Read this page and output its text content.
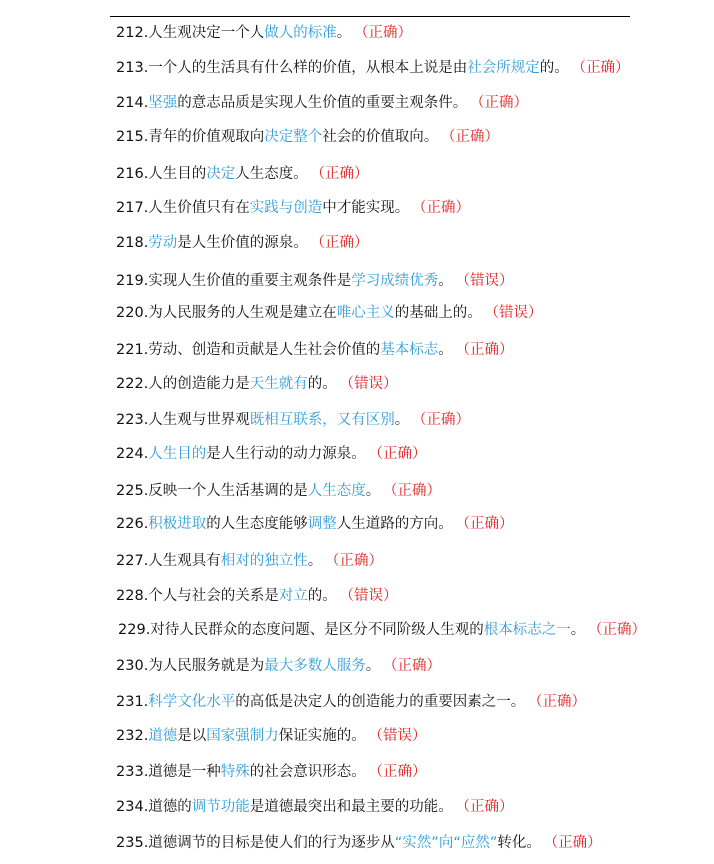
212.人生观决定一个人做人的标准。 （正确）
213.一个人的生活具有什么样的价值，从根本上说是由社会所规定的。 （正确）
214.坚强的意志品质是实现人生价值的重要主观条件。 （正确）
215.青年的价值观取向决定整个社会的价值取向。 （正确）
216.人生目的决定人生态度。 （正确）
217.人生价值只有在实践与创造中才能实现。 （正确）
218.劳动是人生价值的源泉。 （正确）
219.实现人生价值的重要主观条件是学习成绩优秀。 （错误）
220.为人民服务的人生观是建立在唯心主义的基础上的。 （错误）
221.劳动、创造和贡献是人生社会价值的基本标志。 （正确）
222.人的创造能力是天生就有的。 （错误）
223.人生观与世界观既相互联系，又有区别。 （正确）
224.人生目的是人生行动的动力源泉。 （正确）
225.反映一个人生活基调的是人生态度。 （正确）
226.积极进取的人生态度能够调整人生道路的方向。 （正确）
227.人生观具有相对的独立性。 （正确）
228.个人与社会的关系是对立的。 （错误）
229.对待人民群众的态度问题、是区分不同阶级人生观的根本标志之一。 （正确）
230.为人民服务就是为最大多数人服务。 （正确）
231.科学文化水平的高低是决定人的创造能力的重要因素之一。 （正确）
232.道德是以国家强制力保证实施的。 （错误）
233.道德是一种特殊的社会意识形态。 （正确）
234.道德的调节功能是道德最突出和最主要的功能。 （正确）
235.道德调节的目标是使人们的行为逐步从“实然”向“应然”转化。 （正确）
